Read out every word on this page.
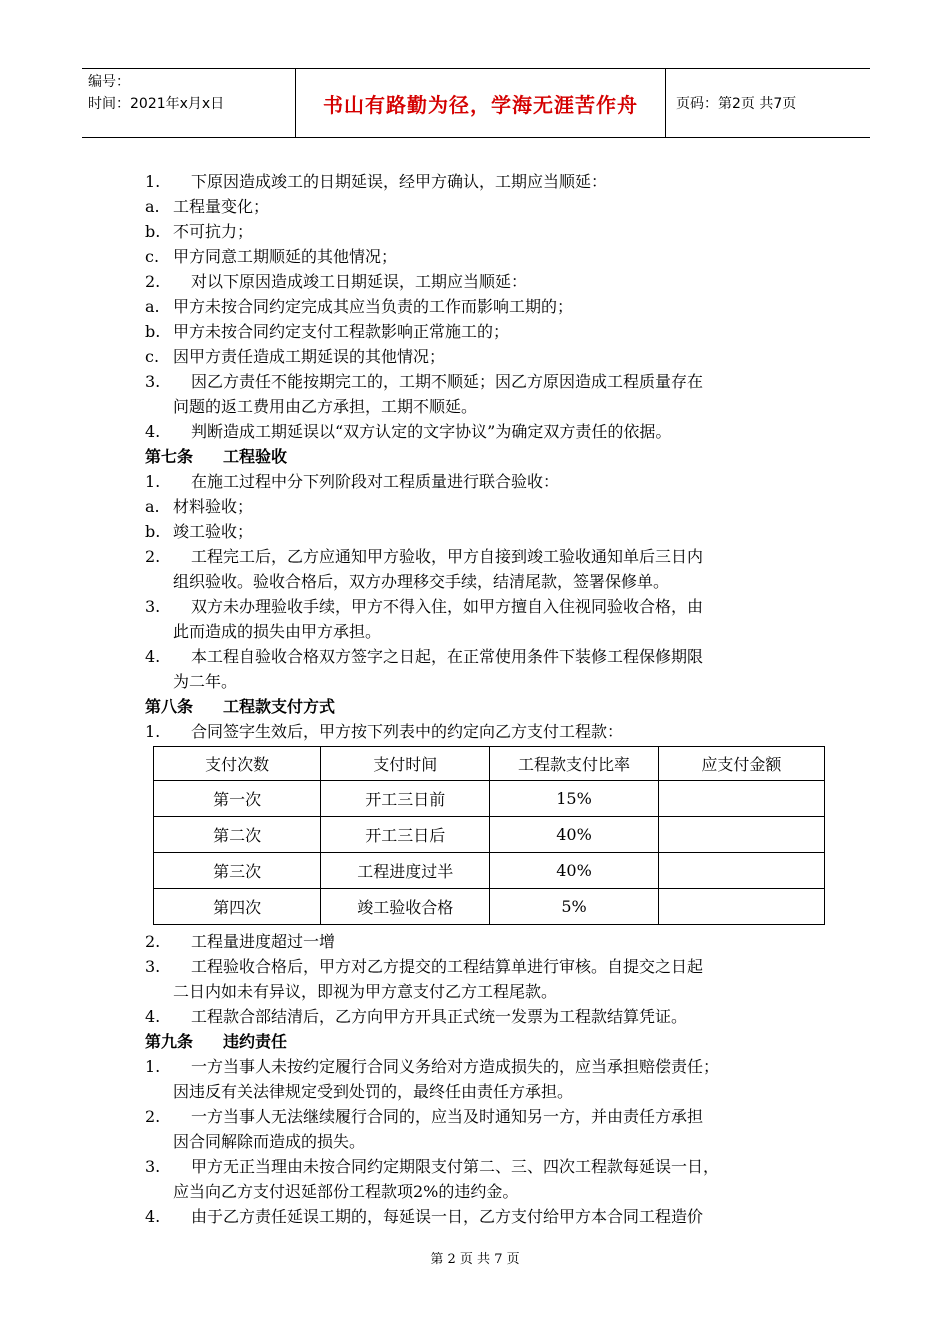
编号：
时间：2021年x月x日	书山有路勤为径，学海无涯苦作舟	页码：第2页 共7页
1. 下原因造成竣工的日期延误，经甲方确认，工期应当顺延：
a. 工程量变化；
b. 不可抗力；
c. 甲方同意工期顺延的其他情况；
2. 对以下原因造成竣工日期延误，工期应当顺延：
a. 甲方未按合同约定完成其应当负责的工作而影响工期的；
b. 甲方未按合同约定支付工程款影响正常施工的；
c. 因甲方责任造成工期延误的其他情况；
3. 因乙方责任不能按期完工的，工期不顺延；因乙方原因造成工程质量存在
问题的返工费用由乙方承担，工期不顺延。
4. 判断造成工期延误以“双方认定的文字协议”为确定双方责任的依据。
第七条 工程验收
1. 在施工过程中分下列阶段对工程质量进行联合验收：
a. 材料验收；
b. 竣工验收；
2. 工程完工后，乙方应通知甲方验收，甲方自接到竣工验收通知单后三日内
组织验收。验收合格后，双方办理移交手续，结清尾款，签署保修单。
3. 双方未办理验收手续，甲方不得入住，如甲方擅自入住视同验收合格，由
此而造成的损失由甲方承担。
4. 本工程自验收合格双方签字之日起，在正常使用条件下装修工程保修期限
为二年。
第八条 工程款支付方式
1. 合同签字生效后，甲方按下列表中的约定向乙方支付工程款：
支付次数	支付时间	工程款支付比率	应支付金额
第一次	开工三日前	15%	
第二次	开工三日后	40%	
第三次	工程进度过半	40%	
第四次	竣工验收合格	5%	
2. 工程量进度超过一增
3. 工程验收合格后，甲方对乙方提交的工程结算单进行审核。自提交之日起
二日内如未有异议，即视为甲方意支付乙方工程尾款。
4. 工程款合部结清后，乙方向甲方开具正式统一发票为工程款结算凭证。
第九条 违约责任
1. 一方当事人未按约定履行合同义务给对方造成损失的，应当承担赔偿责任；
因违反有关法律规定受到处罚的，最终任由责任方承担。
2. 一方当事人无法继续履行合同的，应当及时通知另一方，并由责任方承担
因合同解除而造成的损失。
3. 甲方无正当理由未按合同约定期限支付第二、三、四次工程款每延误一日，
应当向乙方支付迟延部份工程款项2%的违约金。
4. 由于乙方责任延误工期的，每延误一日，乙方支付给甲方本合同工程造价
第 2 页 共 7 页
